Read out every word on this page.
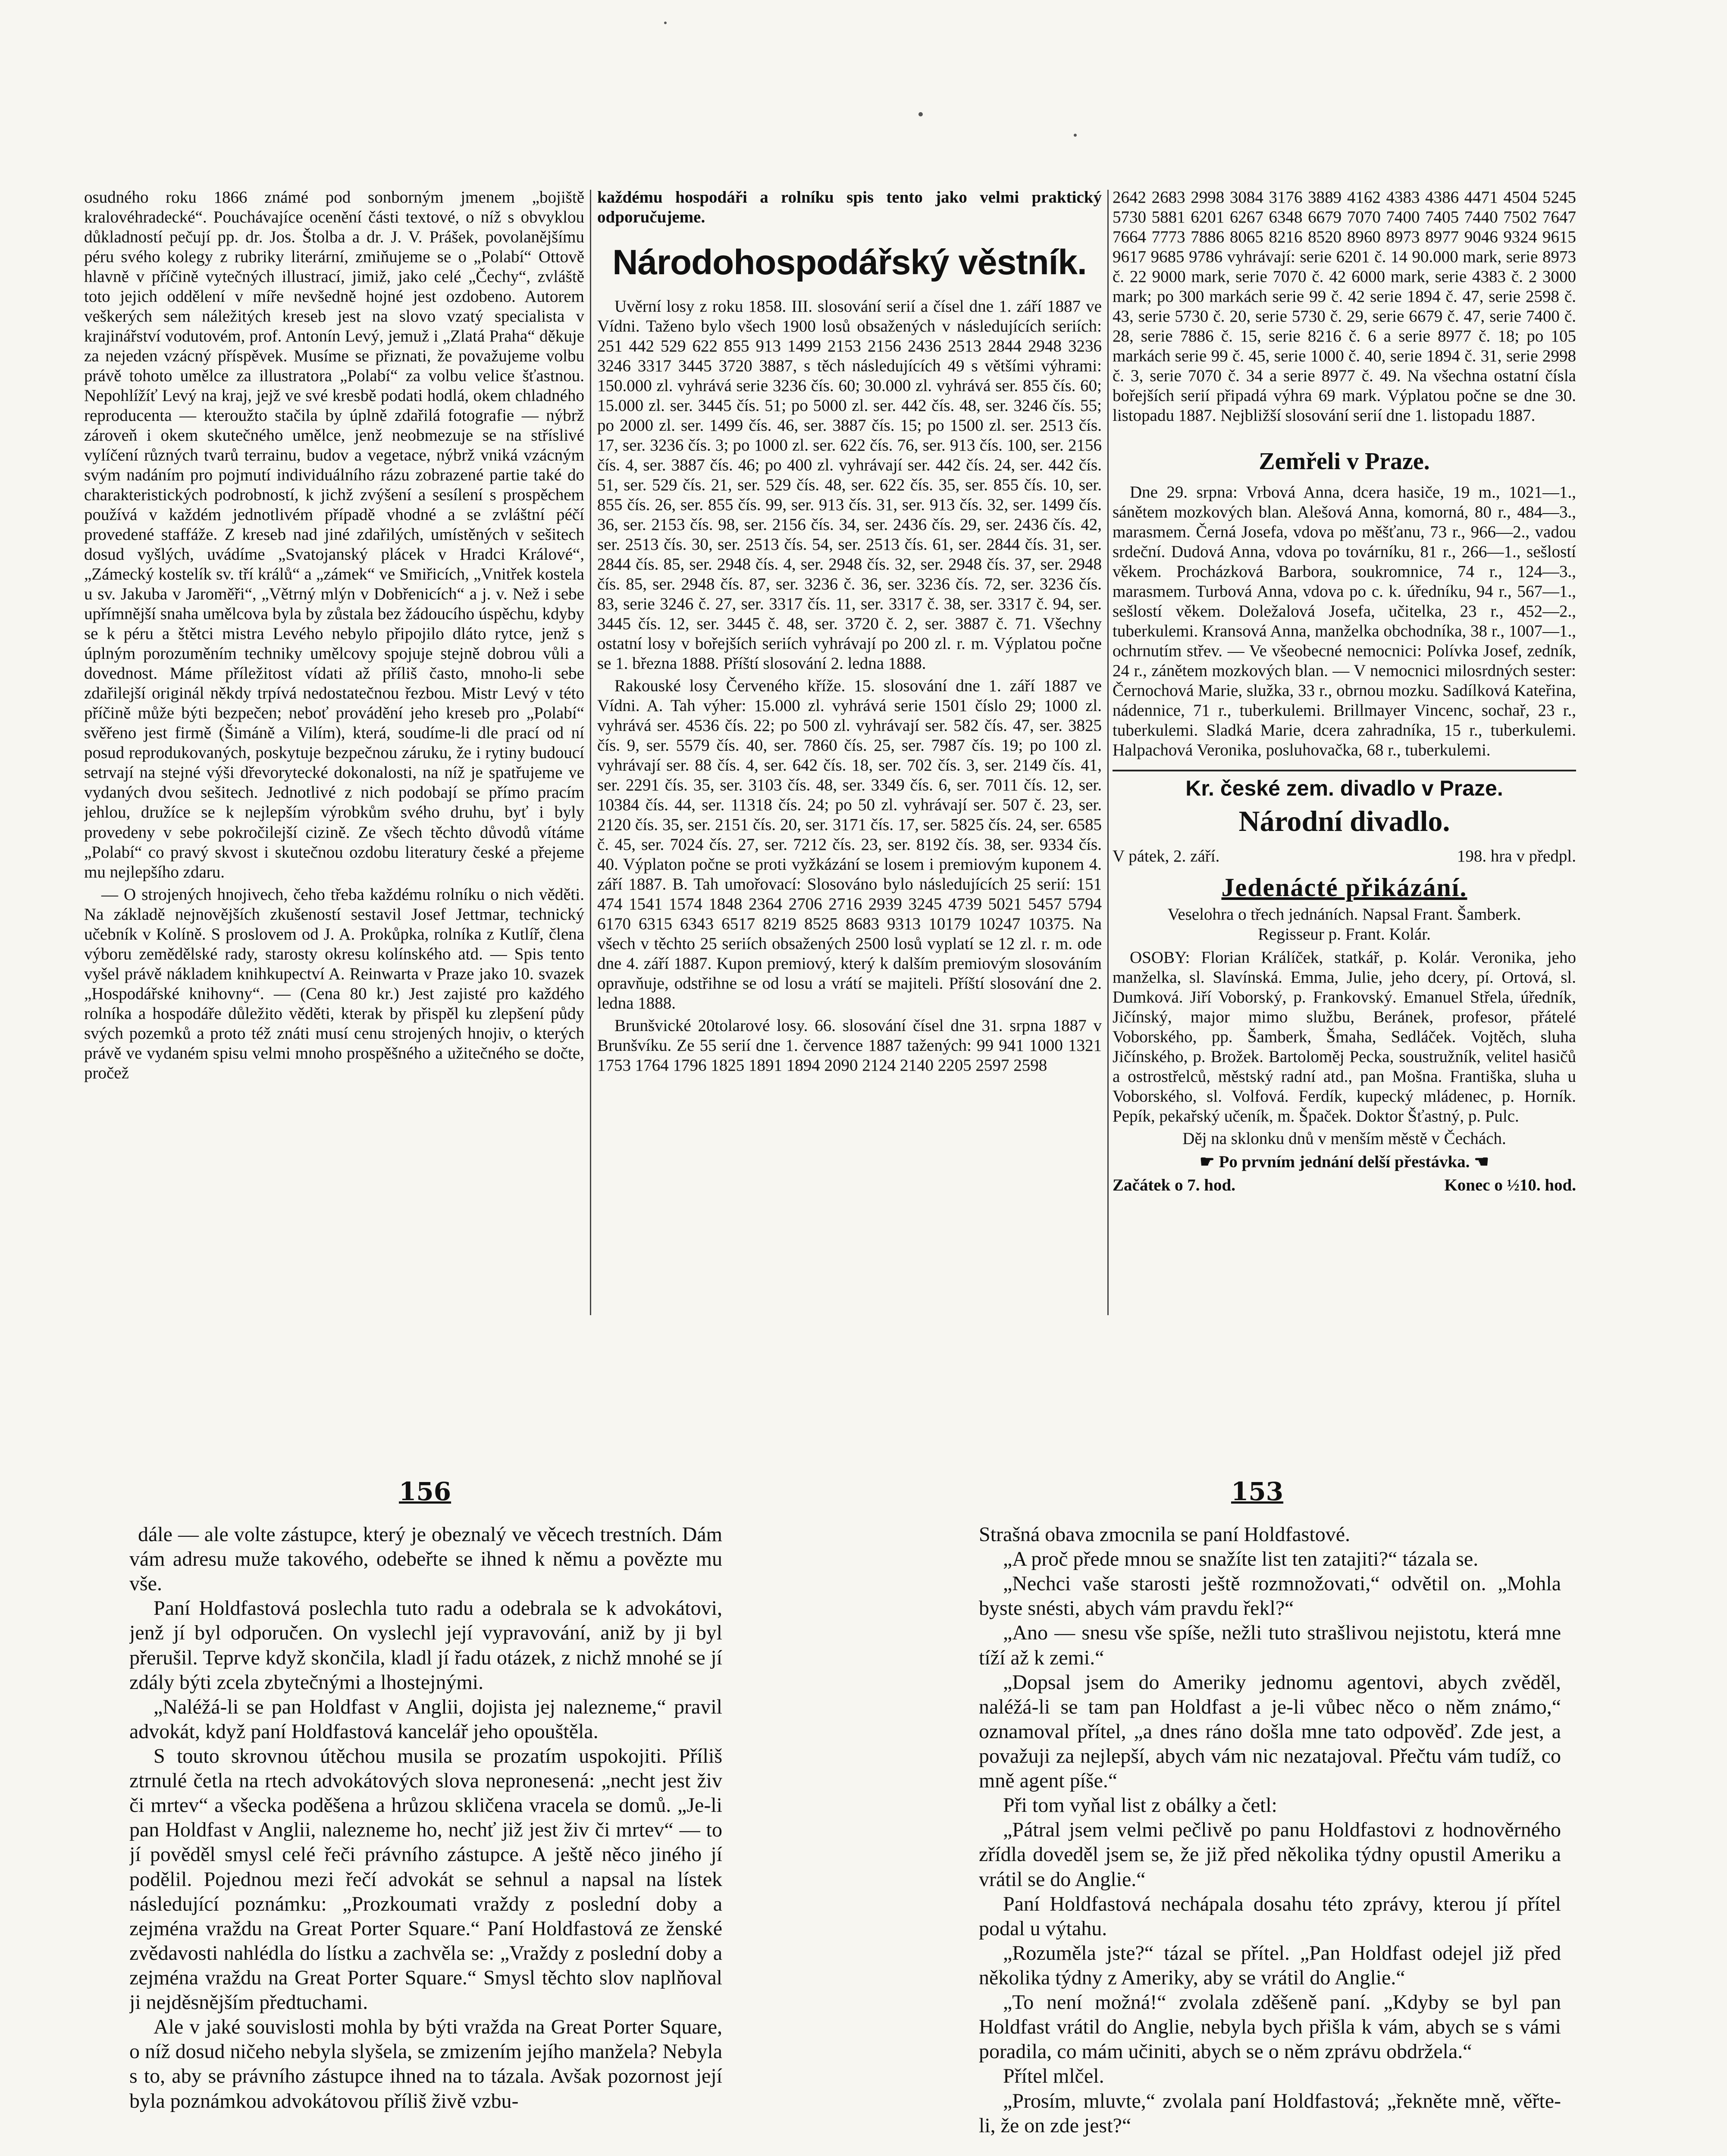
osudného roku 1866 známé pod sonborným jmenem „bojiště kralovéhradecké“. Pouchávajíce ocenění části textové, o níž s obvyklou důkladností pečují pp. dr. Jos. Štolba a dr. J. V. Prášek, povolanějšímu péru svého kolegy z rubriky literární, zmiňujeme se o „Polabí“ Ottově hlavně v příčině vytečných illustrací, jimiž, jako celé „Čechy“, zvláště toto jejich oddělení v míře nevšedně hojné jest ozdobeno. Autorem veškerých sem náležitých kreseb jest na slovo vzatý specialista v krajinářství vodutovém, prof. Antonín Levý, jemuž i „Zlatá Praha“ děkuje za nejeden vzácný příspěvek. Musíme se přiznati, že považujeme volbu právě tohoto umělce za illustratora „Polabí“ za volbu velice šťastnou. Nepohlížíť Levý na kraj, jejž ve své kresbě podati hodlá, okem chladného reproducenta — kteroužto stačila by úplně zdařilá fotografie — nýbrž zároveň i okem skutečného umělce, jenž neobmezuje se na stříslivé vylíčení různých tvarů terrainu, budov a vegetace, nýbrž vniká vzácným svým nadáním pro pojmutí individuálního rázu zobrazené partie také do charakteristických podrobností, k jichž zvýšení a sesílení s prospěchem používá v každém jednotlivém případě vhodné a se zvláštní péčí provedené staffáže. Z kreseb nad jiné zdařilých, umístěných v sešitech dosud vyšlých, uvádíme „Svatojanský plácek v Hradci Králové“, „Zámecký kostelík sv. tří králů“ a „zámek“ ve Smiřicích, „Vnitřek kostela u sv. Jakuba v Jaroměři“, „Větrný mlýn v Dobřenicích“ a j. v. Než i sebe upřímnější snaha umělcova byla by zůstala bez žádoucího úspěchu, kdyby se k péru a štětci mistra Levého nebylo připojilo dláto rytce, jenž s úplným porozuměním techniky umělcovy spojuje stejně dobrou vůli a dovednost. Máme příležitost vídati až příliš často, mnoho-li sebe zdařilejší originál někdy trpívá nedostatečnou řezbou. Mistr Levý v této příčině může býti bezpečen; neboť provádění jeho kreseb pro „Polabí“ svěřeno jest firmě (Šimáně a Vilím), která, soudíme-li dle prací od ní posud reprodukovaných, poskytuje bezpečnou záruku, že i rytiny budoucí setrvají na stejné výši dřevorytecké dokonalosti, na níž je spatřujeme ve vydaných dvou sešitech. Jednotlivé z nich podobají se přímo pracím jehlou, družíce se k nejlepším výrobkům svého druhu, byť i byly provedeny v sebe pokročilejší cizině. Ze všech těchto důvodů vítáme „Polabí“ co pravý skvost i skutečnou ozdobu literatury české a přejeme mu nejlepšího zdaru.

— O strojených hnojivech, čeho třeba každému rolníku o nich věděti. Na základě nejnovějších zkušeností sestavil Josef Jettmar, technický učebník v Kolíně. S proslovem od J. A. Prokůpka, rolníka z Kutlíř, člena výboru zemědělské rady, starosty okresu kolínského atd. — Spis tento vyšel právě nákladem knihkupectví A. Reinwarta v Praze jako 10. svazek „Hospodářské knihovny“. — (Cena 80 kr.) Jest zajisté pro každého rolníka a hospodáře důležito věděti, kterak by přispěl ku zlepšení půdy svých pozemků a proto též znáti musí cenu strojených hnojiv, o kterých právě ve vydaném spisu velmi mnoho prospěšného a užitečného se dočte, pročež

každému hospodáři a rolníku spis tento jako velmi praktický odporučujeme.

Národohospodářský věstník.

Uvěrní losy z roku 1858. III. slosování serií a čísel dne 1. září 1887 ve Vídni. Taženo bylo všech 1900 losů obsažených v následujících seriích: 251 442 529 622 855 913 1499 2153 2156 2436 2513 2844 2948 3236 3246 3317 3445 3720 3887, s těch následujících 49 s většími výhrami: 150.000 zl. vyhrává serie 3236 čís. 60; 30.000 zl. vyhrává ser. 855 čís. 60; 15.000 zl. ser. 3445 čís. 51; po 5000 zl. ser. 442 čís. 48, ser. 3246 čís. 55; po 2000 zl. ser. 1499 čís. 46, ser. 3887 čís. 15; po 1500 zl. ser. 2513 čís. 17, ser. 3236 čís. 3; po 1000 zl. ser. 622 čís. 76, ser. 913 čís. 100, ser. 2156 čís. 4, ser. 3887 čís. 46; po 400 zl. vyhrávají ser. 442 čís. 24, ser. 442 čís. 51, ser. 529 čís. 21, ser. 529 čís. 48, ser. 622 čís. 35, ser. 855 čís. 10, ser. 855 čís. 26, ser. 855 čís. 99, ser. 913 čís. 31, ser. 913 čís. 32, ser. 1499 čís. 36, ser. 2153 čís. 98, ser. 2156 čís. 34, ser. 2436 čís. 29, ser. 2436 čís. 42, ser. 2513 čís. 30, ser. 2513 čís. 54, ser. 2513 čís. 61, ser. 2844 čís. 31, ser. 2844 čís. 85, ser. 2948 čís. 4, ser. 2948 čís. 32, ser. 2948 čís. 37, ser. 2948 čís. 85, ser. 2948 čís. 87, ser. 3236 č. 36, ser. 3236 čís. 72, ser. 3236 čís. 83, serie 3246 č. 27, ser. 3317 čís. 11, ser. 3317 č. 38, ser. 3317 č. 94, ser. 3445 čís. 12, ser. 3445 č. 48, ser. 3720 č. 2, ser. 3887 č. 71. Všechny ostatní losy v bořejších seriích vyhrávají po 200 zl. r. m. Výplatou počne se 1. března 1888. Příští slosování 2. ledna 1888.

Rakouské losy Červeného kříže. 15. slosování dne 1. září 1887 ve Vídni. A. Tah výher: 15.000 zl. vyhrává serie 1501 číslo 29; 1000 zl. vyhrává ser. 4536 čís. 22; po 500 zl. vyhrávají ser. 582 čís. 47, ser. 3825 čís. 9, ser. 5579 čís. 40, ser. 7860 čís. 25, ser. 7987 čís. 19; po 100 zl. vyhrávají ser. 88 čís. 4, ser. 642 čís. 18, ser. 702 čís. 3, ser. 2149 čís. 41, ser. 2291 čís. 35, ser. 3103 čís. 48, ser. 3349 čís. 6, ser. 7011 čís. 12, ser. 10384 čís. 44, ser. 11318 čís. 24; po 50 zl. vyhrávají ser. 507 č. 23, ser. 2120 čís. 35, ser. 2151 čís. 20, ser. 3171 čís. 17, ser. 5825 čís. 24, ser. 6585 č. 45, ser. 7024 čís. 27, ser. 7212 čís. 23, ser. 8192 čís. 38, ser. 9334 čís. 40. Výplaton počne se proti vyžkázání se losem i premiovým kuponem 4. září 1887. B. Tah umořovací: Slosováno bylo následujících 25 serií: 151 474 1541 1574 1848 2364 2706 2716 2939 3245 4739 5021 5457 5794 6170 6315 6343 6517 8219 8525 8683 9313 10179 10247 10375. Na všech v těchto 25 seriích obsažených 2500 losů vyplatí se 12 zl. r. m. ode dne 4. září 1887. Kupon premiový, který k dalším premiovým slosováním opravňuje, odstřihne se od losu a vrátí se majiteli. Příští slosování dne 2. ledna 1888.

Brunšvické 20tolarové losy. 66. slosování čísel dne 31. srpna 1887 v Brunšvíku. Ze 55 serií dne 1. července 1887 tažených: 99 941 1000 1321 1753 1764 1796 1825 1891 1894 2090 2124 2140 2205 2597 2598

2642 2683 2998 3084 3176 3889 4162 4383 4386 4471 4504 5245 5730 5881 6201 6267 6348 6679 7070 7400 7405 7440 7502 7647 7664 7773 7886 8065 8216 8520 8960 8973 8977 9046 9324 9615 9617 9685 9786 vyhrávají: serie 6201 č. 14 90.000 mark, serie 8973 č. 22 9000 mark, serie 7070 č. 42 6000 mark, serie 4383 č. 2 3000 mark; po 300 markách serie 99 č. 42 serie 1894 č. 47, serie 2598 č. 43, serie 5730 č. 20, serie 5730 č. 29, serie 6679 č. 47, serie 7400 č. 28, serie 7886 č. 15, serie 8216 č. 6 a serie 8977 č. 18; po 105 markách serie 99 č. 45, serie 1000 č. 40, serie 1894 č. 31, serie 2998 č. 3, serie 7070 č. 34 a serie 8977 č. 49. Na všechna ostatní čísla bořejších serií připadá výhra 69 mark. Výplatou počne se dne 30. listopadu 1887. Nejbližší slosování serií dne 1. listopadu 1887.

Zemřeli v Praze.

Dne 29. srpna: Vrbová Anna, dcera hasiče, 19 m., 1021—1., sánětem mozkových blan. Alešová Anna, komorná, 80 r., 484—3., marasmem. Černá Josefa, vdova po měšťanu, 73 r., 966—2., vadou srdeční. Dudová Anna, vdova po továrníku, 81 r., 266—1., sešlostí věkem. Procházková Barbora, soukromnice, 74 r., 124—3., marasmem. Turbová Anna, vdova po c. k. úředníku, 94 r., 567—1., sešlostí věkem. Doležalová Josefa, učitelka, 23 r., 452—2., tuberkulemi. Kransová Anna, manželka obchodníka, 38 r., 1007—1., ochrnutím střev. — Ve všeobecné nemocnici: Polívka Josef, zedník, 24 r., zánětem mozkových blan. — V nemocnici milosrdných sester: Černochová Marie, služka, 33 r., obrnou mozku. Sadílková Kateřina, nádennice, 71 r., tuberkulemi. Brillmayer Vincenc, sochař, 23 r., tuberkulemi. Sladká Marie, dcera zahradníka, 15 r., tuberkulemi. Halpachová Veronika, posluhovačka, 68 r., tuberkulemi.

Kr. české zem. divadlo v Praze.
Národní divadlo.
V pátek, 2. září.	198. hra v předpl.
Jedenácté přikázání.
Veselohra o třech jednáních. Napsal Frant. Šamberk.
Regisseur p. Frant. Kolár.

OSOBY: Florian Králíček, statkář, p. Kolár. Veronika, jeho manželka, sl. Slavínská. Emma, Julie, jeho dcery, pí. Ortová, sl. Dumková. Jiří Voborský, p. Frankovský. Emanuel Střela, úředník, Jičínský, major mimo službu, Beránek, profesor, přátelé Voborského, pp. Šamberk, Šmaha, Sedláček. Vojtěch, sluha Jičínského, p. Brožek. Bartoloměj Pecka, soustružník, velitel hasičů a ostrostřelců, městský radní atd., pan Mošna. Františka, sluha u Voborského, sl. Volfová. Ferdík, kupecký mládenec, p. Horník. Pepík, pekařský učeník, m. Špaček. Doktor Šťastný, p. Pulc.

Děj na sklonku dnů v menším městě v Čechách.
☛ Po prvním jednání delší přestávka. ☚
Začátek o 7. hod.	Konec o ½10. hod.
156	153

dále — ale volte zástupce, který je obeznalý ve věcech trestních. Dám vám adresu muže takového, odebeřte se ihned k němu a povězte mu vše.

Paní Holdfastová poslechla tuto radu a odebrala se k advokátovi, jenž jí byl odporučen. On vyslechl její vypravování, aniž by ji byl přerušil. Teprve když skončila, kladl jí řadu otázek, z nichž mnohé se jí zdály býti zcela zbytečnými a lhostejnými.

„Naléžá-li se pan Holdfast v Anglii, dojista jej nalezneme,“ pravil advokát, když paní Holdfastová kancelář jeho opouštěla.

S touto skrovnou útěchou musila se prozatím uspokojiti. Příliš ztrnulé četla na rtech advokátových slova nepronesená: „necht jest živ či mrtev“ a všecka poděšena a hrůzou skličena vracela se domů. „Je-li pan Holdfast v Anglii, nalezneme ho, nechť již jest živ či mrtev“ — to jí pověděl smysl celé řeči právního zástupce. A ještě něco jiného jí podělil. Pojednou mezi řečí advokát se sehnul a napsal na lístek následující poznámku: „Prozkoumati vraždy z poslední doby a zejména vraždu na Great Porter Square.“ Paní Holdfastová ze ženské zvědavosti nahlédla do lístku a zachvěla se: „Vraždy z poslední doby a zejména vraždu na Great Porter Square.“ Smysl těchto slov naplňoval ji nejděsnějším předtuchami.

Ale v jaké souvislosti mohla by býti vražda na Great Porter Square, o níž dosud ničeho nebyla slyšela, se zmizením jejího manžela? Nebyla s to, aby se právního zástupce ihned na to tázala. Avšak pozornost její byla poznámkou advokátovou příliš živě vzbu-

Strašná obava zmocnila se paní Holdfastové.

„A proč přede mnou se snažíte list ten zatajiti?“ tázala se.

„Nechci vaše starosti ještě rozmnožovati,“ odvětil on. „Mohla byste snésti, abych vám pravdu řekl?“

„Ano — snesu vše spíše, nežli tuto strašlivou nejistotu, která mne tíží až k zemi.“

„Dopsal jsem do Ameriky jednomu agentovi, abych zvěděl, naléžá-li se tam pan Holdfast a je-li vůbec něco o něm známo,“ oznamoval přítel, „a dnes ráno došla mne tato odpověď. Zde jest, a považuji za nejlepší, abych vám nic nezatajoval. Přečtu vám tudíž, co mně agent píše.“

Při tom vyňal list z obálky a četl:

„Pátral jsem velmi pečlivě po panu Holdfastovi z hodnověrného zřídla doveděl jsem se, že již před několika týdny opustil Ameriku a vrátil se do Anglie.“

Paní Holdfastová nechápala dosahu této zprávy, kterou jí přítel podal u výtahu.

„Rozuměla jste?“ tázal se přítel. „Pan Holdfast odejel již před několika týdny z Ameriky, aby se vrátil do Anglie.“

„To není možná!“ zvolala zděšeně paní. „Kdyby se byl pan Holdfast vrátil do Anglie, nebyla bych přišla k vám, abych se s vámi poradila, co mám učiniti, abych se o něm zprávu obdržela.“

Přítel mlčel.

„Prosím, mluvte,“ zvolala paní Holdfastová; „řekněte mně, věřte-li, že on zde jest?“
